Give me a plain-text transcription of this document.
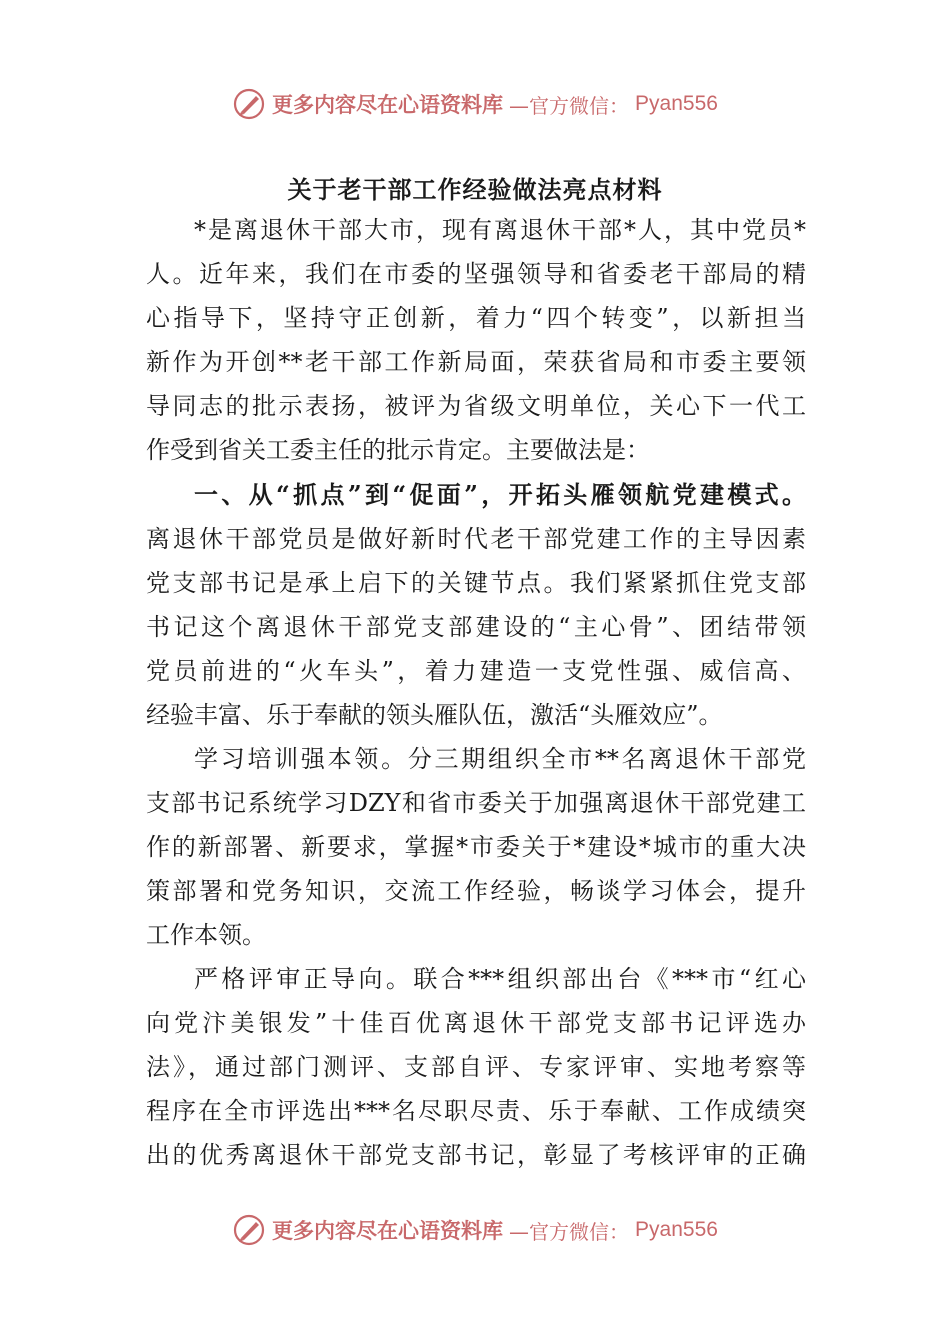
更多内容尽在心语资料库 —官方微信： Pyan556
关于老干部工作经验做法亮点材料
*是离退休干部大市，现有离退休干部*人，其中党员*
人。近年来，我们在市委的坚强领导和省委老干部局的精
心指导下，坚持守正创新，着力“四个转变”，以新担当
新作为开创**老干部工作新局面，荣获省局和市委主要领
导同志的批示表扬，被评为省级文明单位，关心下一代工
作受到省关工委主任的批示肯定。主要做法是：
一、从“抓点”到“促面”，开拓头雁领航党建模式。
离退休干部党员是做好新时代老干部党建工作的主导因素
党支部书记是承上启下的关键节点。我们紧紧抓住党支部
书记这个离退休干部党支部建设的“主心骨”、团结带领
党员前进的“火车头”，着力建造一支党性强、威信高、
经验丰富、乐于奉献的领头雁队伍，激活“头雁效应”。
学习培训强本领。分三期组织全市**名离退休干部党
支部书记系统学习DZY和省市委关于加强离退休干部党建工
作的新部署、新要求，掌握*市委关于*建设*城市的重大决
策部署和党务知识，交流工作经验，畅谈学习体会，提升
工作本领。
严格评审正导向。联合***组织部出台《***市“红心
向党汴美银发”十佳百优离退休干部党支部书记评选办
法》，通过部门测评、支部自评、专家评审、实地考察等
程序在全市评选出***名尽职尽责、乐于奉献、工作成绩突
出的优秀离退休干部党支部书记，彰显了考核评审的正确
更多内容尽在心语资料库 —官方微信： Pyan556
